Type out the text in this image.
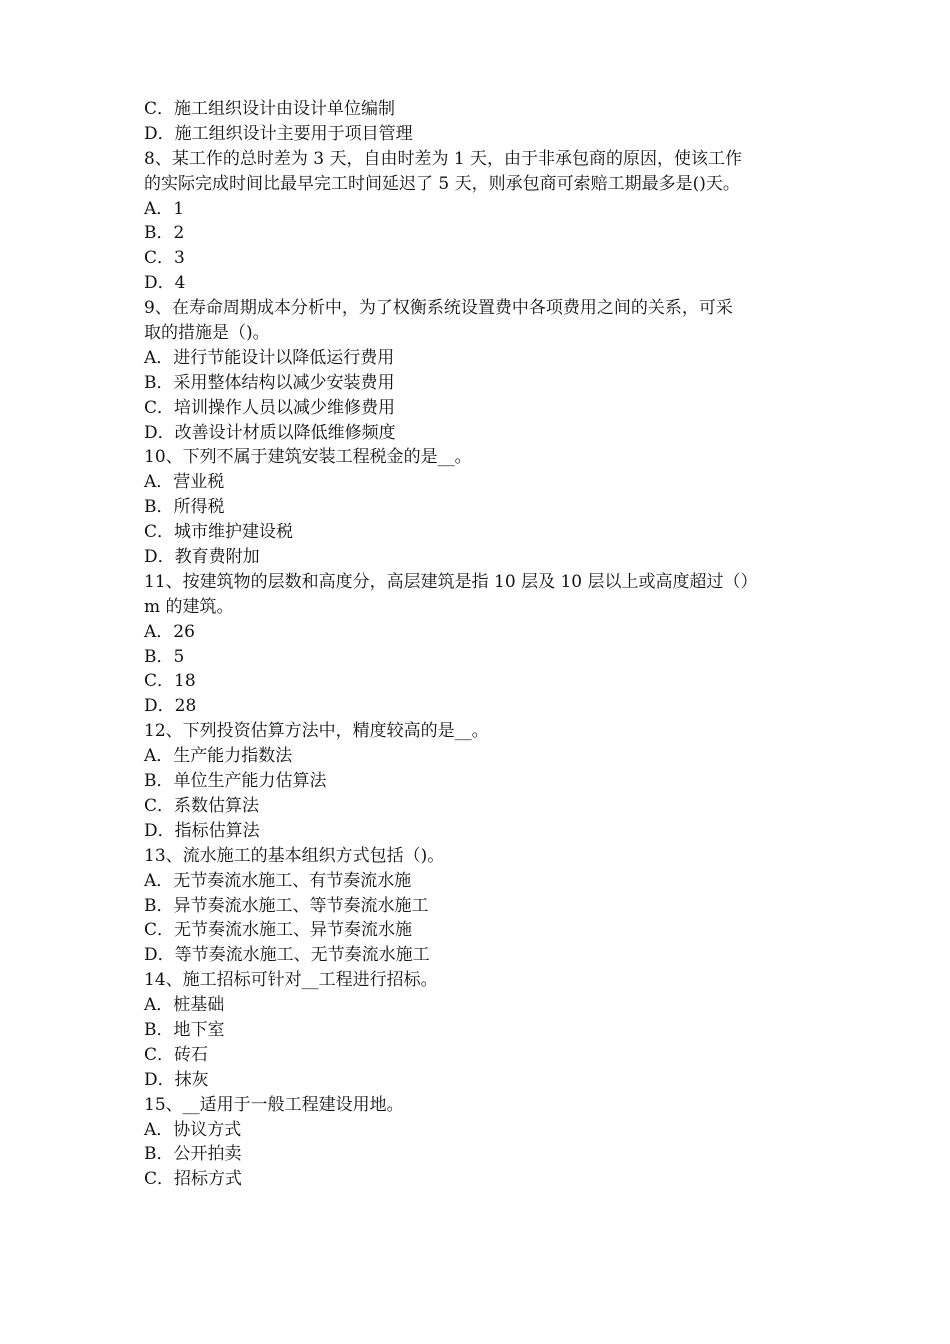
C．施工组织设计由设计单位编制

D．施工组织设计主要用于项目管理

8、某工作的总时差为 3 天，自由时差为 1 天，由于非承包商的原因，使该工作

的实际完成时间比最早完工时间延迟了 5 天，则承包商可索赔工期最多是()天。

A．1

B．2

C．3

D．4

9、在寿命周期成本分析中，为了权衡系统设置费中各项费用之间的关系，可采

取的措施是（)。

A．进行节能设计以降低运行费用

B．采用整体结构以减少安装费用

C．培训操作人员以减少维修费用

D．改善设计材质以降低维修频度

10、下列不属于建筑安装工程税金的是__。

A．营业税

B．所得税

C．城市维护建设税

D．教育费附加

11、按建筑物的层数和高度分，高层建筑是指 10 层及 10 层以上或高度超过（）

m 的建筑。

A．26

B．5

C．18

D．28

12、下列投资估算方法中，精度较高的是__。

A．生产能力指数法

B．单位生产能力估算法

C．系数估算法

D．指标估算法

13、流水施工的基本组织方式包括（)。

A．无节奏流水施工、有节奏流水施

B．异节奏流水施工、等节奏流水施工

C．无节奏流水施工、异节奏流水施

D．等节奏流水施工、无节奏流水施工

14、施工招标可针对__工程进行招标。

A．桩基础

B．地下室

C．砖石

D．抹灰

15、__适用于一般工程建设用地。

A．协议方式

B．公开拍卖

C．招标方式
